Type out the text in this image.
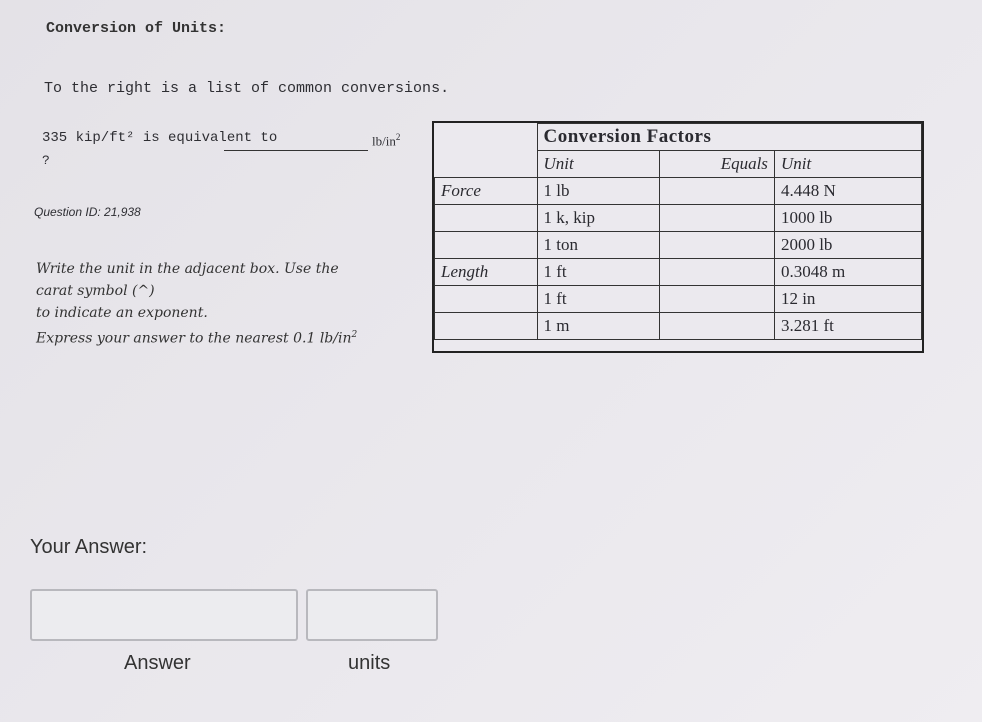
Conversion of Units:
To the right is a list of common conversions.
335 kip/ft² is equivalent to	$lb/in^2$
?
Question ID: 21,938
Write the unit in the adjacent box. Use the
carat symbol (^)
to indicate an exponent.
Express your answer to the nearest 0.1 $lb/in^2$
	Conversion Factors		
	Unit	Equals	Unit
Force	1 lb		4.448 N
	1 k, kip		1000 lb
	1 ton		2000 lb
Length	1 ft		0.3048 m
	1 ft		12 in
	1 m		3.281 ft
Your Answer:
Answer	units
